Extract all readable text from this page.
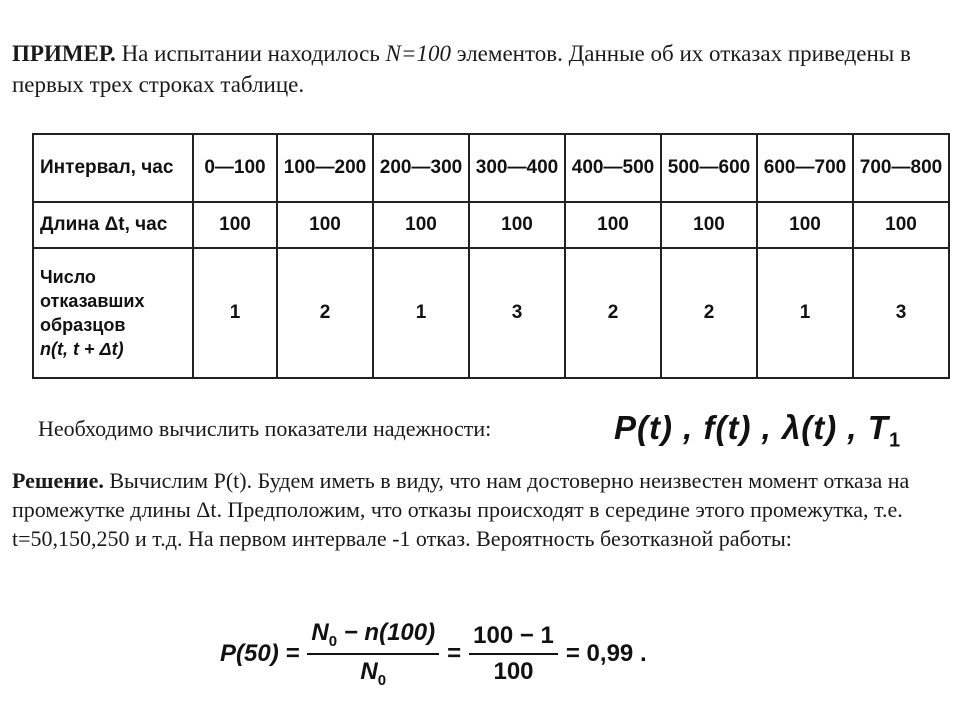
ПРИМЕР. На испытании находилось N=100 элементов. Данные об их отказах приведены в первых трех строках таблице.
Интервал, час	0—100	100—200	200—300	300—400	400—500	500—600	600—700	700—800
Длина Δt, час	100	100	100	100	100	100	100	100

Число отказавших образцов
n(t, t + Δt)	1	2	1	3	2	2	1	3
Необходимо вычислить показатели надежности:	P(t) , f(t) , λ(t) , $T_1$
Решение. Вычислим P(t). Будем иметь в виду, что нам достоверно неизвестен момент отказа на промежутке длины Δt. Предположим, что отказы происходят в середине этого промежутка, т.е. t=50,150,250 и т.д. На первом интервале -1 отказ. Вероятность безотказной работы:
$P(50) = \frac{N_0 - n(100)}{N_0} = \frac{100 - 1}{100} = 0,99$ .
